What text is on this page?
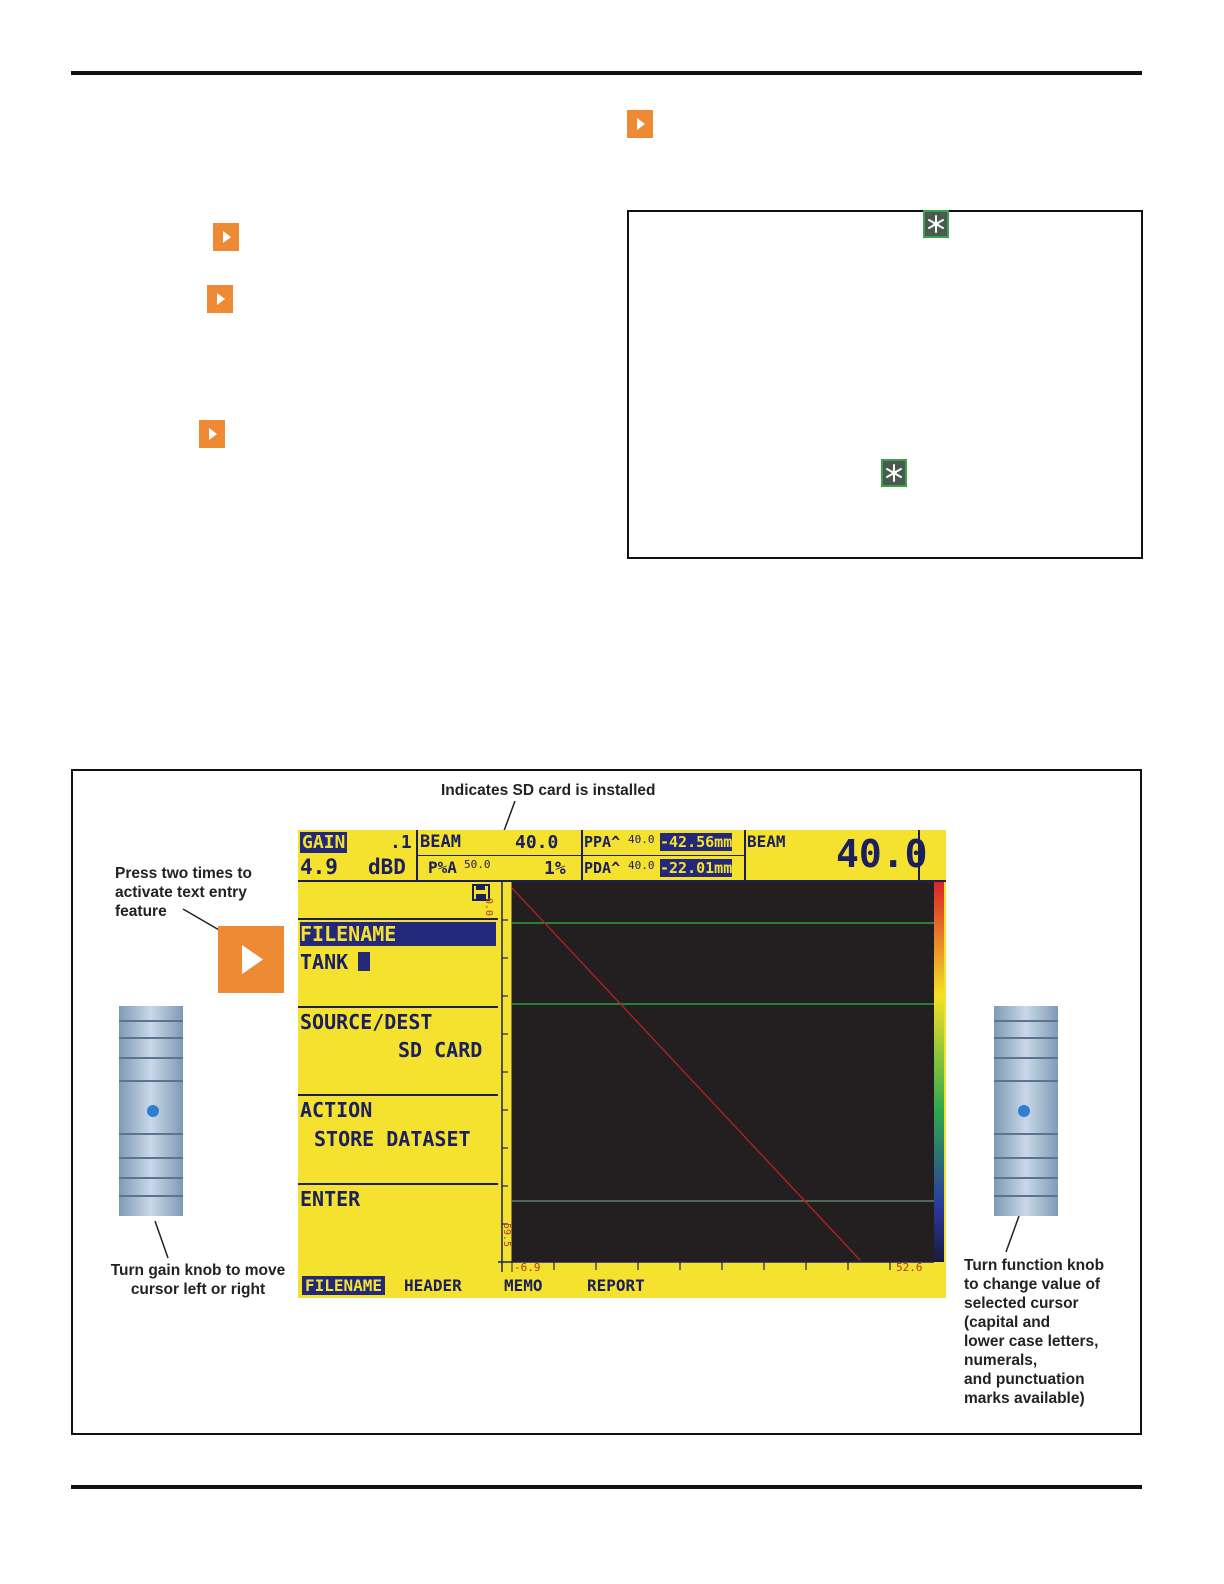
Indicates SD card is installed
Press two times to
activate text entry
feature
Turn gain knob to move
cursor left or right
Turn function knob
to change value of
selected cursor
(capital and
lower case letters,
numerals,
and punctuation
marks available)
GAIN .1
4.9 dBD
BEAM	40.0
P%A 50.0	1%
PPA^ 40.0 -42.56mm
PDA^ 40.0 -22.01mm
BEAM 40.0
FILENAME
TANK
SOURCE/DEST
SD CARD
ACTION
STORE DATASET
ENTER
-6.9	52.6
0.0
59.5
FILENAME HEADER	MEMO	REPORT
